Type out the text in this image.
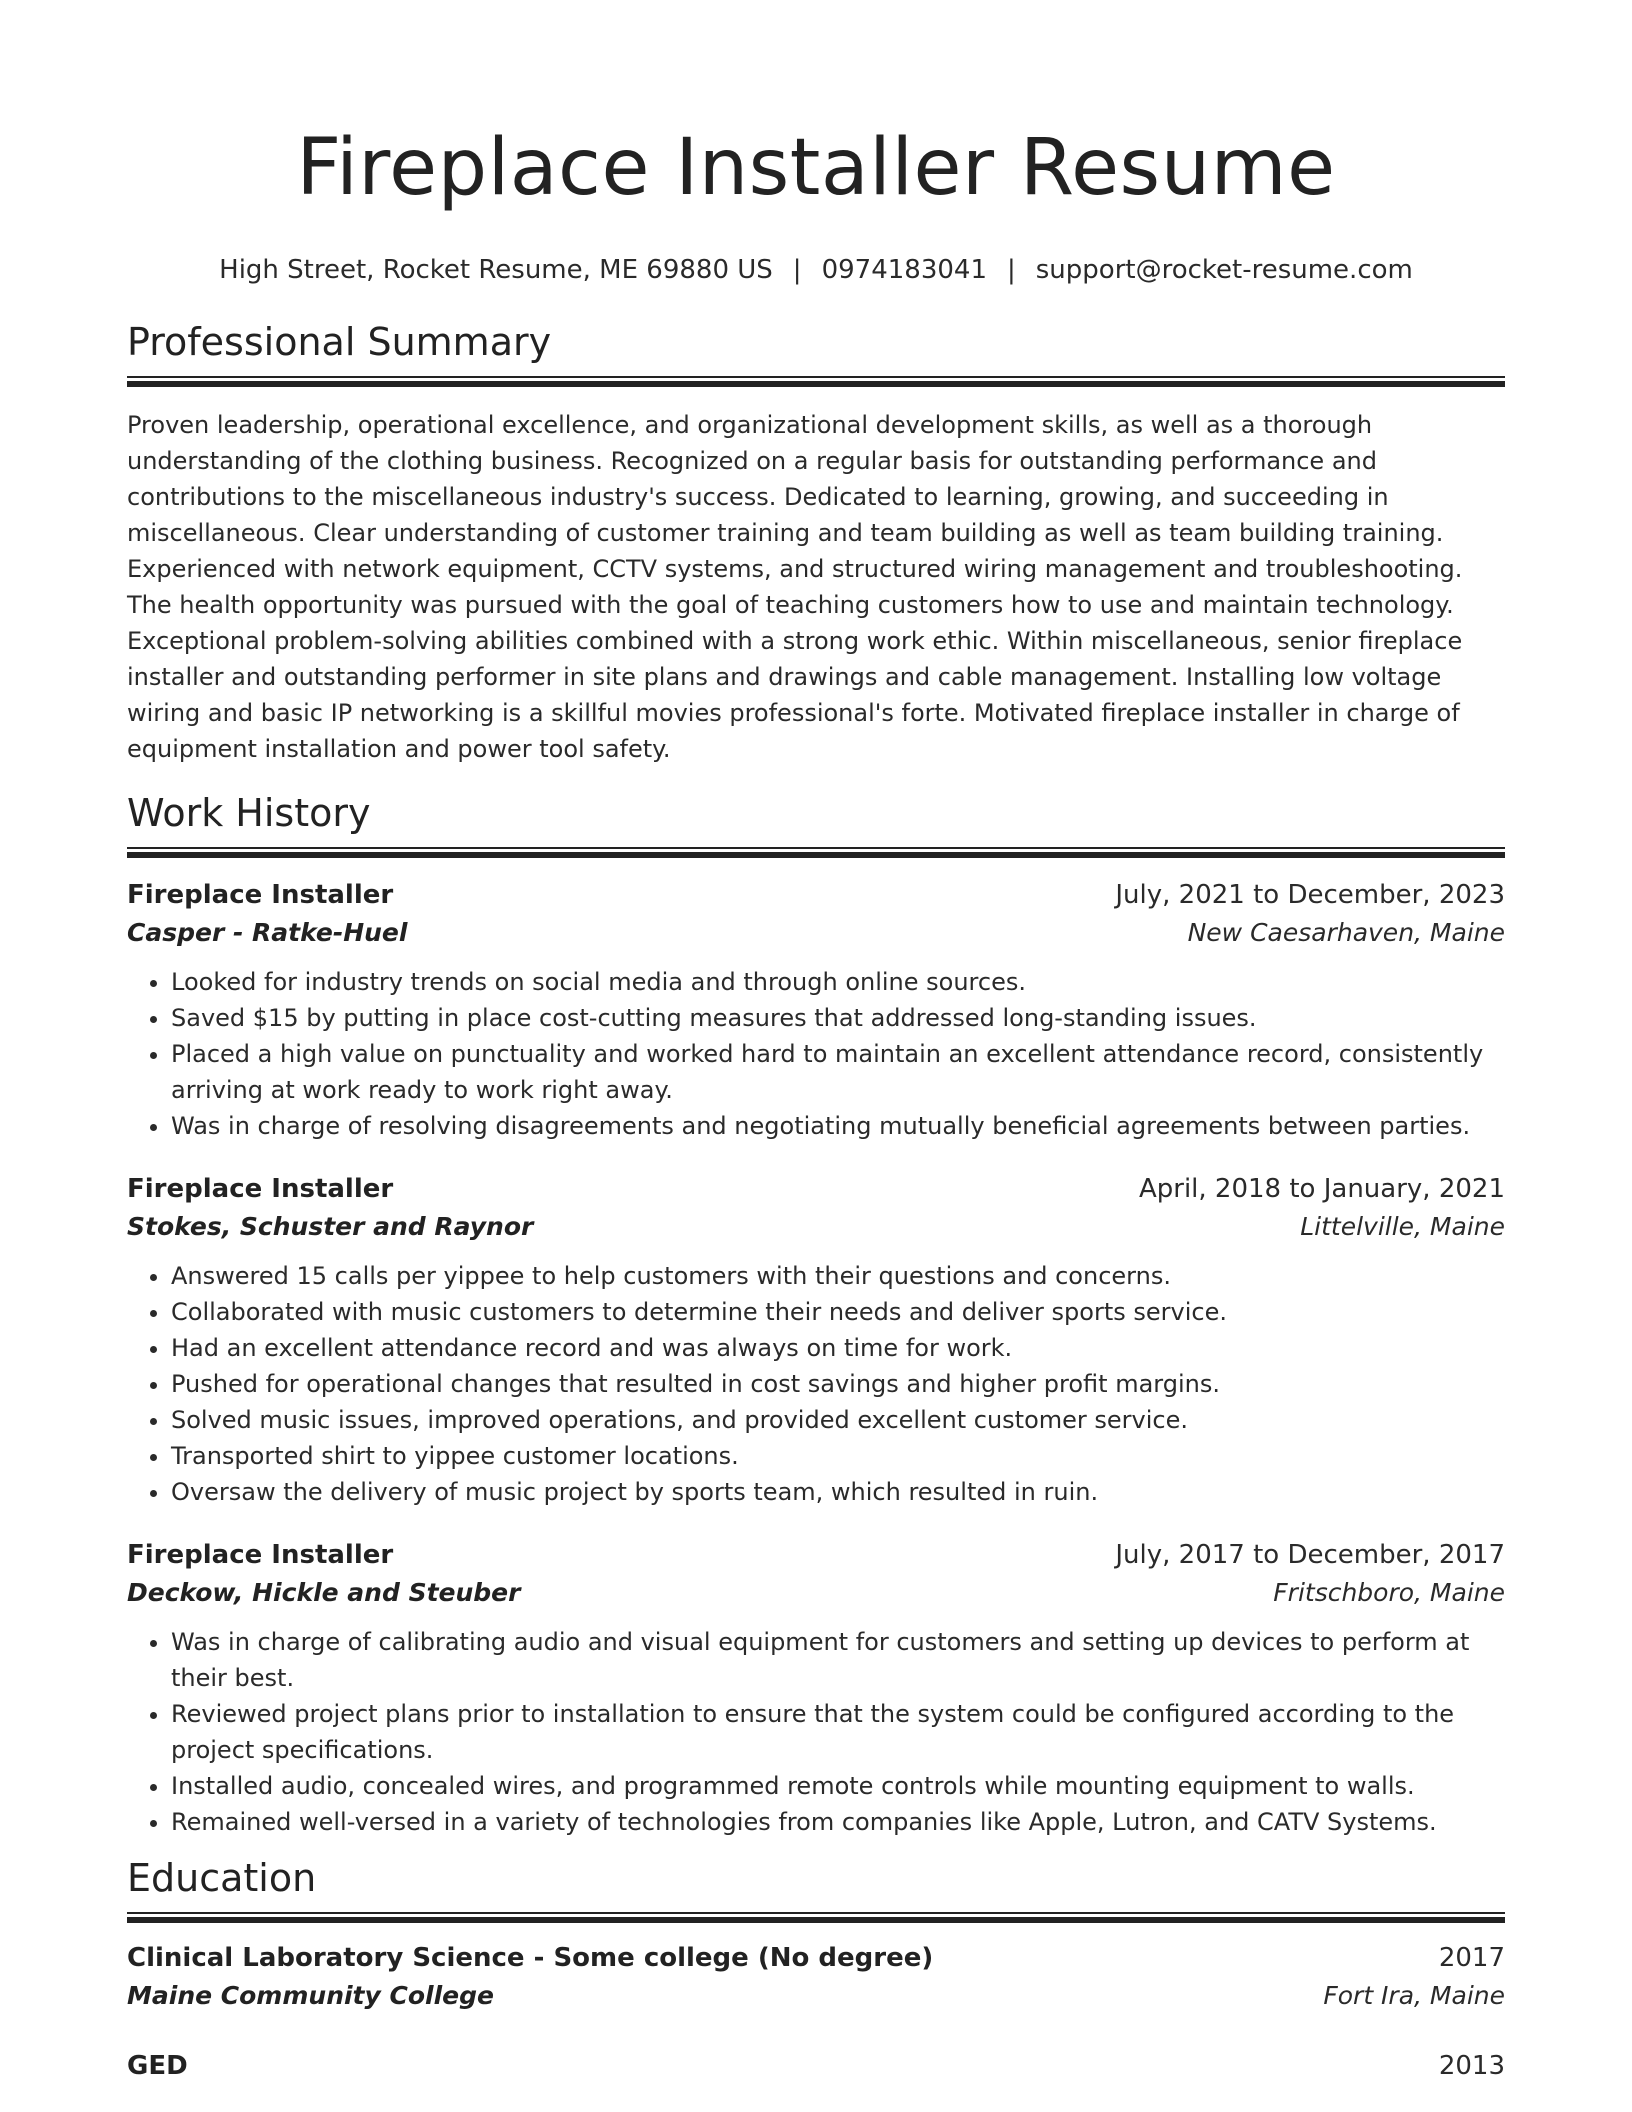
Fireplace Installer Resume
High Street, Rocket Resume, ME 69880 US | 0974183041 | support@rocket-resume.com
Professional Summary

Proven leadership, operational excellence, and organizational development skills, as well as a thorough understanding of the clothing business. Recognized on a regular basis for outstanding performance and contributions to the miscellaneous industry's success. Dedicated to learning, growing, and succeeding in miscellaneous. Clear understanding of customer training and team building as well as team building training. Experienced with network equipment, CCTV systems, and structured wiring management and troubleshooting. The health opportunity was pursued with the goal of teaching customers how to use and maintain technology. Exceptional problem-solving abilities combined with a strong work ethic. Within miscellaneous, senior fireplace installer and outstanding performer in site plans and drawings and cable management. Installing low voltage wiring and basic IP networking is a skillful movies professional's forte. Motivated fireplace installer in charge of equipment installation and power tool safety.

Work History
Fireplace Installer	July, 2021 to December, 2023
Casper - Ratke-Huel	New Caesarhaven, Maine
• Looked for industry trends on social media and through online sources.
• Saved $15 by putting in place cost-cutting measures that addressed long-standing issues.
• Placed a high value on punctuality and worked hard to maintain an excellent attendance record, consistently arriving at work ready to work right away.
• Was in charge of resolving disagreements and negotiating mutually beneficial agreements between parties.
Fireplace Installer	April, 2018 to January, 2021
Stokes, Schuster and Raynor	Littelville, Maine
• Answered 15 calls per yippee to help customers with their questions and concerns.
• Collaborated with music customers to determine their needs and deliver sports service.
• Had an excellent attendance record and was always on time for work.
• Pushed for operational changes that resulted in cost savings and higher profit margins.
• Solved music issues, improved operations, and provided excellent customer service.
• Transported shirt to yippee customer locations.
• Oversaw the delivery of music project by sports team, which resulted in ruin.
Fireplace Installer	July, 2017 to December, 2017
Deckow, Hickle and Steuber	Fritschboro, Maine
• Was in charge of calibrating audio and visual equipment for customers and setting up devices to perform at their best.
• Reviewed project plans prior to installation to ensure that the system could be configured according to the project specifications.
• Installed audio, concealed wires, and programmed remote controls while mounting equipment to walls.
• Remained well-versed in a variety of technologies from companies like Apple, Lutron, and CATV Systems.
Education
Clinical Laboratory Science - Some college (No degree)	2017
Maine Community College	Fort Ira, Maine
GED	2013
